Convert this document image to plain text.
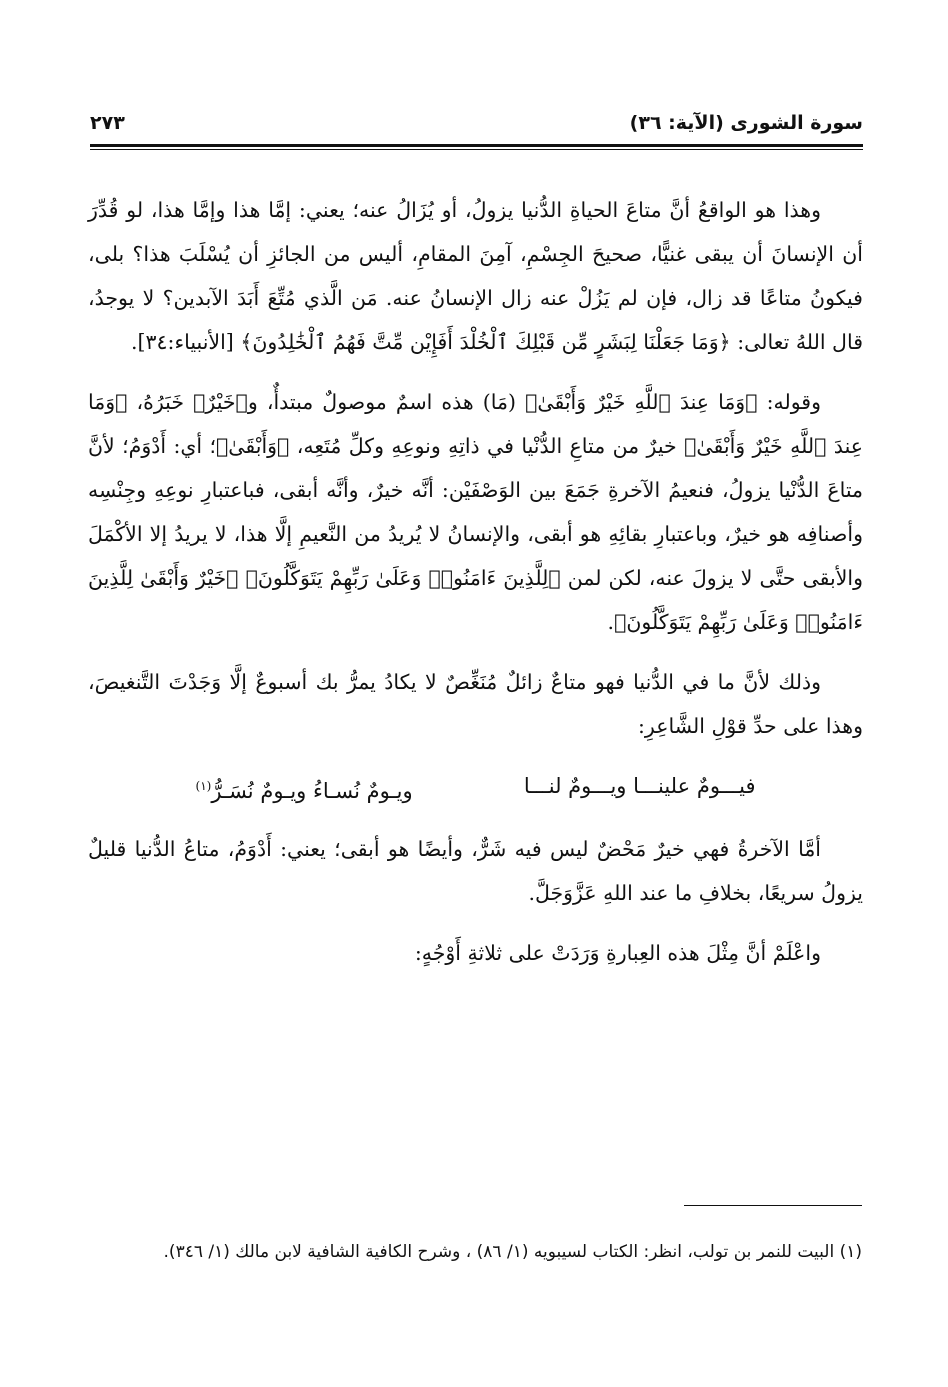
سورة الشورى (الآية: ٣٦)
٢٧٣

وهذا هو الواقعُ أنَّ متاعَ الحياةِ الدُّنيا يزولُ، أو يُزَالُ عنه؛ يعني: إمَّا هذا وإمَّا هذا، لو قُدِّرَ أن الإنسانَ أن يبقى غنيًّا، صحيحَ الجِسْمِ، آمِنَ المقامِ، أليس من الجائزِ أن يُسْلَبَ هذا؟ بلى، فيكونُ متاعًا قد زال، فإن لم يَزُلْ عنه زال الإنسانُ عنه. مَن الَّذي مُتِّعَ أَبَدَ الآبدين؟ لا يوجدُ، قال اللهُ تعالى: ﴿وَمَا جَعَلْنَا لِبَشَرٍ مِّن قَبْلِكَ ٱلْخُلْدَ أَفَإِيْن مِّتَّ فَهُمُ ٱلْخَٰلِدُونَ﴾ [الأنبياء:٣٤].

وقوله: ﴿وَمَا عِندَ ٱللَّهِ خَيْرٌ وَأَبْقَىٰ﴾ (مَا) هذه اسمٌ موصولٌ مبتدأٌ، و﴿خَيْرٌ﴾ خَبَرُهُ، ﴿وَمَا عِندَ ٱللَّهِ خَيْرٌ وَأَبْقَىٰ﴾ خيرٌ من متاعِ الدُّنْيا في ذاتِهِ ونوعِهِ وكلِّ مُتَعِه، ﴿وَأَبْقَىٰ﴾؛ أي: أَدْوَمُ؛ لأنَّ متاعَ الدُّنْيا يزولُ، فنعيمُ الآخرةِ جَمَعَ بين الوَصْفَيْن: أنَّه خيرٌ، وأنَّه أبقى، فباعتبارِ نوعِهِ وجِنْسِه وأصنافِه هو خيرٌ، وباعتبارِ بقائِهِ هو أبقى، والإنسانُ لا يُريدُ من النَّعيمِ إلَّا هذا، لا يريدُ إلا الأكْمَلَ والأبقى حتَّى لا يزولَ عنه، لكن لمن ﴿لِلَّذِينَ ءَامَنُوا۟ وَعَلَىٰ رَبِّهِمْ يَتَوَكَّلُونَ﴾ ﴿خَيْرٌ وَأَبْقَىٰ لِلَّذِينَ ءَامَنُوا۟ وَعَلَىٰ رَبِّهِمْ يَتَوَكَّلُونَ﴾.

وذلك لأنَّ ما في الدُّنيا فهو متاعٌ زائلٌ مُنَغِّصٌ لا يكادُ يمرُّ بك أسبوعٌ إلَّا وَجَدْتَ التَّنغيصَ، وهذا على حدِّ قوْلِ الشَّاعِرِ:

فيـــومٌ علينـــا ويـــومٌ لنـــا
ويـومٌ نُسـاءُ ويـومٌ نُسَـرُّ$^{(١)}$

أمَّا الآخرةُ فهي خيرٌ مَحْضٌ ليس فيه شَرٌّ، وأيضًا هو أبقى؛ يعني: أَدْوَمُ، متاعُ الدُّنيا قليلٌ يزولُ سريعًا، بخلافِ ما عند اللهِ عَزَّوَجَلَّ.

واعْلَمْ أنَّ مِثْلَ هذه العِبارةِ وَرَدَتْ على ثلاثةِ أَوْجُهٍ:

(١) البيت للنمر بن تولب، انظر: الكتاب لسيبويه (١/ ٨٦) ، وشرح الكافية الشافية لابن مالك (١/ ٣٤٦).
